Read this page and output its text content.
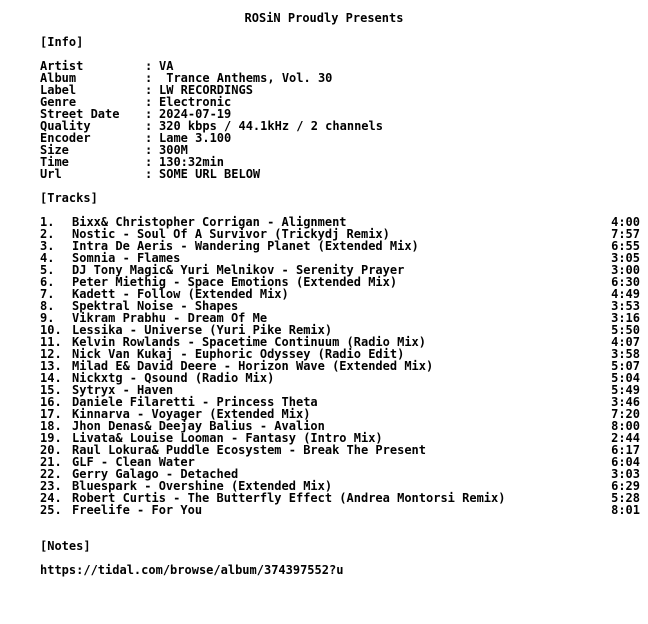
ROSiN Proudly Presents
[Info]
Artist	: VA
Album	: Trance Anthems, Vol. 30
Label	: LW RECORDINGS
Genre	: Electronic
Street Date : 2024-07-19
Quality	: 320 kbps / 44.1kHz / 2 channels
Encoder	: Lame 3.100
Size	: 300M
Time	: 130:32min
Url	: SOME URL BELOW
[Tracks]
1. Bixx& Christopher Corrigan - Alignment	4:00
2. Nostic - Soul Of A Survivor (Trickydj Remix)	7:57
3. Intra De Aeris - Wandering Planet (Extended Mix)	6:55
4. Somnia - Flames	3:05
5. DJ Tony Magic& Yuri Melnikov - Serenity Prayer	3:00
6. Peter Miethig - Space Emotions (Extended Mix)	6:30
7. Kadett - Follow (Extended Mix)	4:49
8. Spektral Noise - Shapes	3:53
9. Vikram Prabhu - Dream Of Me	3:16
10. Lessika - Universe (Yuri Pike Remix)	5:50
11. Kelvin Rowlands - Spacetime Continuum (Radio Mix)	4:07
12. Nick Van Kukaj - Euphoric Odyssey (Radio Edit)	3:58
13. Milad E& David Deere - Horizon Wave (Extended Mix)	5:07
14. Nickxtg - Qsound (Radio Mix)	5:04
15. Sytryx - Haven	5:49
16. Daniele Filaretti - Princess Theta	3:46
17. Kinnarva - Voyager (Extended Mix)	7:20
18. Jhon Denas& Deejay Balius - Avalion	8:00
19. Livata& Louise Looman - Fantasy (Intro Mix)	2:44
20. Raul Lokura& Puddle Ecosystem - Break The Present	6:17
21. GLF - Clean Water	6:04
22. Gerry Galago - Detached	3:03
23. Bluespark - Overshine (Extended Mix)	6:29
24. Robert Curtis - The Butterfly Effect (Andrea Montorsi Remix)	5:28
25. Freelife - For You	8:01
[Notes]
https://tidal.com/browse/album/374397552?u
